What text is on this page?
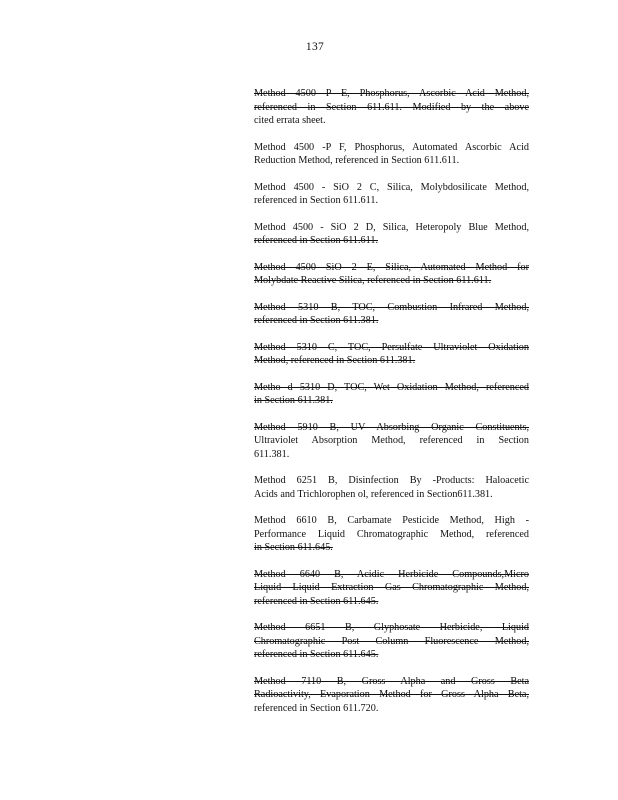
137
Method 4500 P E, Phosphorus, Ascorbic Acid Method,
referenced in Section 611.611. Modified by the above
cited errata sheet.
Method 4500 -P F, Phosphorus, Automated Ascorbic Acid
Reduction Method, referenced in Section 611.611.
Method 4500 - SiO 2 C, Silica, Molybdosilicate Method,
referenced in Section 611.611.
Method 4500 - SiO 2 D, Silica, Heteropoly Blue Method,
referenced in Section 611.611.
Method 4500 SiO 2 E, Silica, Automated Method for
Molybdate Reactive Silica, referenced in Section 611.611.
Method 5310 B, TOC, Combustion Infrared Method,
referenced in Section 611.381.
Method 5310 C, TOC, Persulfate Ultraviolet Oxidation
Method, referenced in Section 611.381.
Metho d 5310 D, TOC, Wet Oxidation Method, referenced
in Section 611.381.
Method 5910 B, UV Absorbing Organic Constituents,
Ultraviolet Absorption Method, referenced in Section
611.381.
Method 6251 B, Disinfection By -Products: Haloacetic
Acids and Trichlorophen ol, referenced in Section611.381.
Method 6610 B, Carbamate Pesticide Method, High -
Performance Liquid Chromatographic Method, referenced
in Section 611.645.
Method 6640 B, Acidic Herbicide Compounds,Micro
Liquid Liquid Extraction Gas Chromatographic Method,
referenced in Section 611.645.
Method 6651 B, Glyphosate Herbicide, Liquid
Chromatographic Post Column Fluorescence Method,
referenced in Section 611.645.
Method 7110 B, Gross Alpha and Gross Beta
Radioactivity, Evaporation Method for Gross Alpha Beta,
referenced in Section 611.720.
